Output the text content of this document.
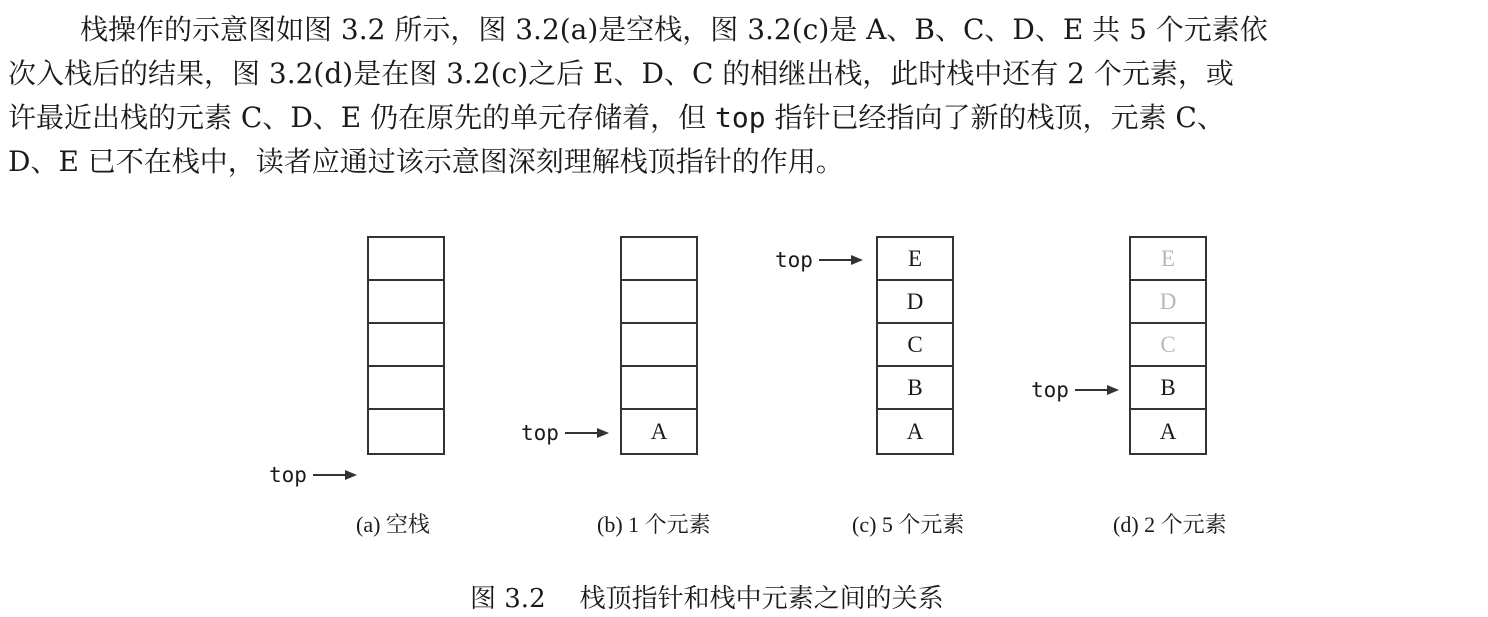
栈操作的示意图如图 3.2 所示，图 3.2(a)是空栈，图 3.2(c)是 A、B、C、D、E 共 5 个元素依
次入栈后的结果，图 3.2(d)是在图 3.2(c)之后 E、D、C 的相继出栈，此时栈中还有 2 个元素，或
许最近出栈的元素 C、D、E 仍在原先的单元存储着，但 top 指针已经指向了新的栈顶，元素 C、
D、E 已不在栈中，读者应通过该示意图深刻理解栈顶指针的作用。
top
(a) 空栈
A
top
(b) 1 个元素
E
D
C
B
A
top
(c) 5 个元素
E
D
C
B
A
top
(d) 2 个元素
图 3.2 栈顶指针和栈中元素之间的关系
